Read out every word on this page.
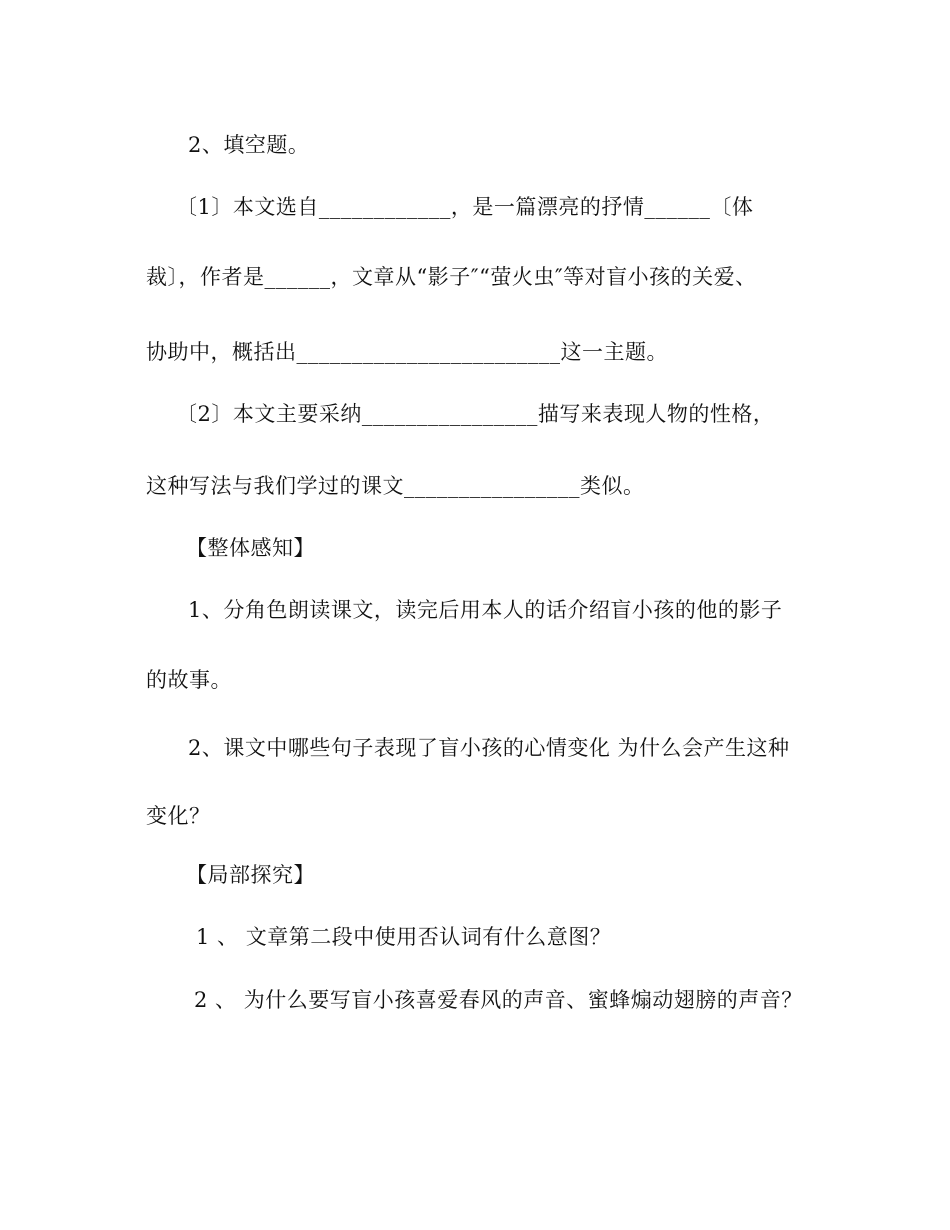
2、填空题。
〔1〕本文选自____________，是一篇漂亮的抒情______〔体
裁〕，作者是______，文章从“影子″“萤火虫″等对盲小孩的关爱、
协助中，概括出________________________这一主题。
〔2〕本文主要采纳________________描写来表现人物的性格，
这种写法与我们学过的课文________________类似。
【整体感知】
1、分角色朗读课文，读完后用本人的话介绍盲小孩的他的影子
的故事。
2、课文中哪些句子表现了盲小孩的心情变化 为什么会产生这种
变化？
【局部探究】
1 、 文章第二段中使用否认词有什么意图？
2 、 为什么要写盲小孩喜爱春风的声音、蜜蜂煽动翅膀的声音？
